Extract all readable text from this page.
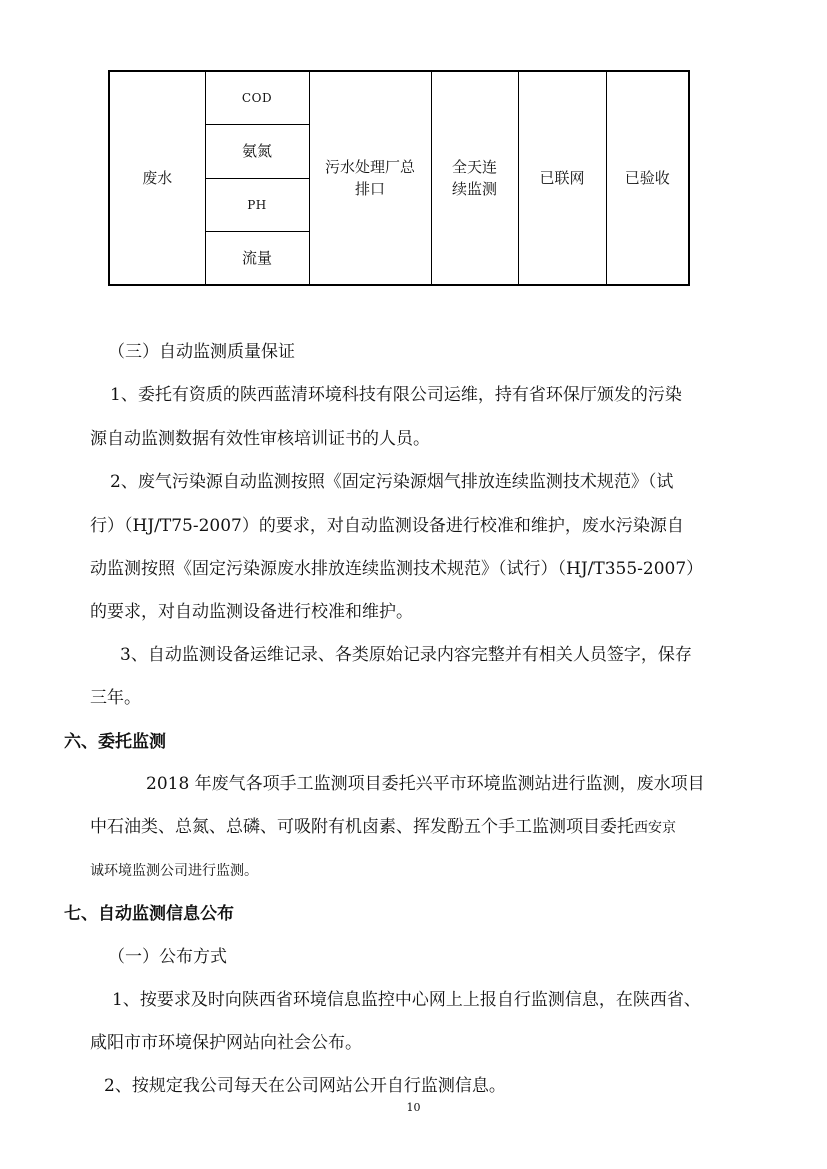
废水	COD	污水处理厂总排口	全天连续监测	已联网	已验收
氨氮
PH
流量
（三）自动监测质量保证
1、委托有资质的陕西蓝清环境科技有限公司运维，持有省环保厅颁发的污染
源自动监测数据有效性审核培训证书的人员。
2、废气污染源自动监测按照《固定污染源烟气排放连续监测技术规范》（试
行）（HJ/T75-2007）的要求，对自动监测设备进行校准和维护，废水污染源自
动监测按照《固定污染源废水排放连续监测技术规范》（试行）（HJ/T355-2007）
的要求，对自动监测设备进行校准和维护。
3、自动监测设备运维记录、各类原始记录内容完整并有相关人员签字，保存
三年。
六、委托监测
2018 年废气各项手工监测项目委托兴平市环境监测站进行监测，废水项目
中石油类、总氮、总磷、可吸附有机卤素、挥发酚五个手工监测项目委托西安京
诚环境监测公司进行监测。
七、自动监测信息公布
（一）公布方式
1、按要求及时向陕西省环境信息监控中心网上上报自行监测信息，在陕西省、
咸阳市市环境保护网站向社会公布。
2、按规定我公司每天在公司网站公开自行监测信息。
10
